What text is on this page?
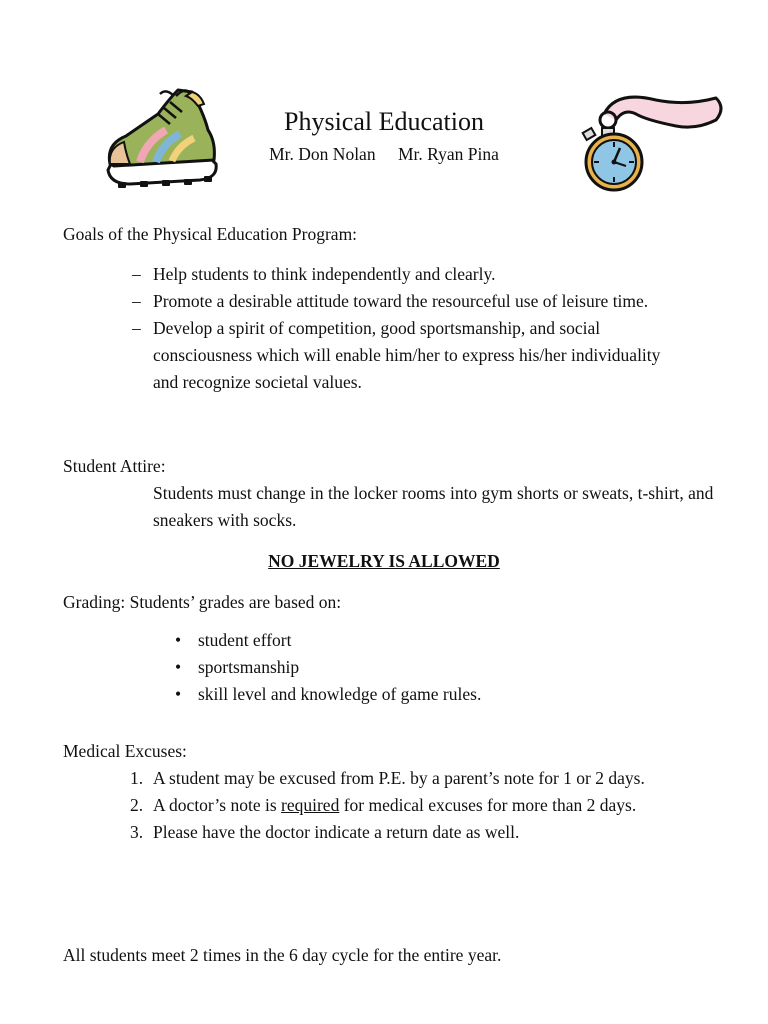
Physical Education
Mr. Don Nolan Mr. Ryan Pina

Goals of the Physical Education Program:

– Help students to think independently and clearly.
– Promote a desirable attitude toward the resourceful use of leisure time.
– Develop a spirit of competition, good sportsmanship, and social consciousness which will enable him/her to express his/her individuality and recognize societal values.

Student Attire:

Students must change in the locker rooms into gym shorts or sweats, t-shirt, and sneakers with socks.

NO JEWELRY IS ALLOWED

Grading: Students’ grades are based on:

• student effort
• sportsmanship
• skill level and knowledge of game rules.

Medical Excuses:

1. A student may be excused from P.E. by a parent’s note for 1 or 2 days.
2. A doctor’s note is required for medical excuses for more than 2 days.
3. Please have the doctor indicate a return date as well.
All students meet 2 times in the 6 day cycle for the entire year.
